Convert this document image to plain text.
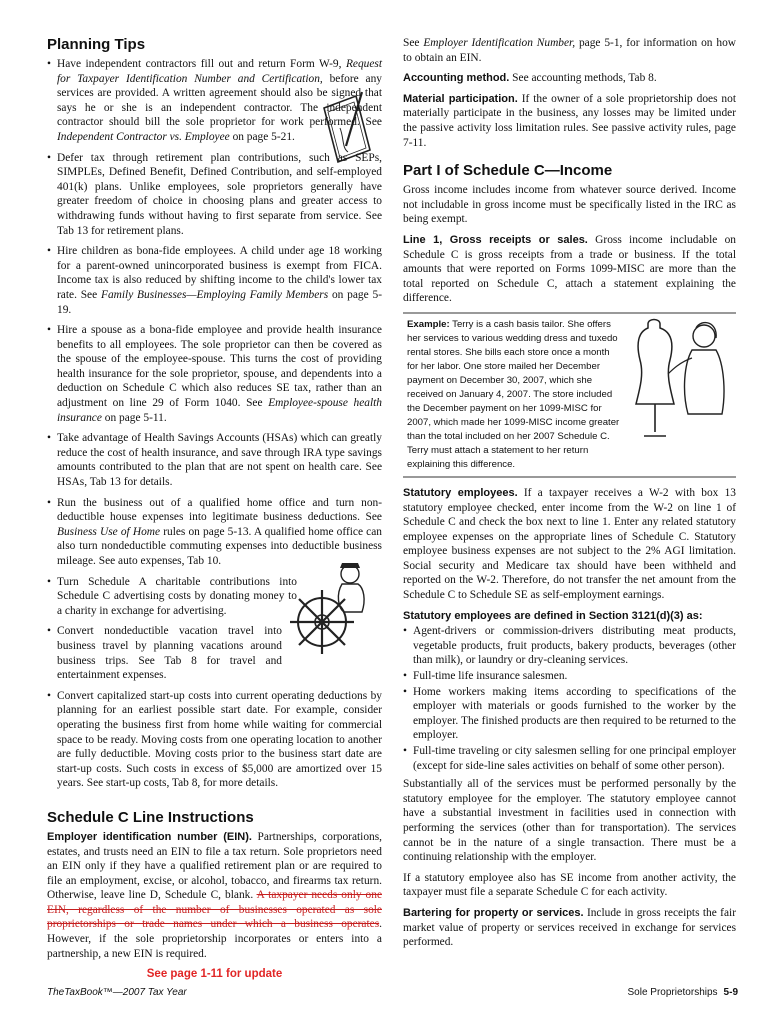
Planning Tips
• Have independent contractors fill out and return Form W-9, Request for Taxpayer Identification Number and Certification, before any services are provided. A written agreement should also be signed that says he or she is an independent contractor. The independent contractor should bill the sole proprietor for work performed. See Independent Contractor vs. Employee on page 5-21.
• Defer tax through retirement plan contributions, such as SEPs, SIMPLEs, Defined Benefit, Defined Contribution, and self-employed 401(k) plans. Unlike employees, sole proprietors generally have greater freedom of choice in choosing plans and greater access to withdrawing funds without having to first separate from service. See Tab 13 for retirement plans.
• Hire children as bona-fide employees. A child under age 18 working for a parent-owned unincorporated business is exempt from FICA. Income tax is also reduced by shifting income to the child's lower tax rate. See Family Businesses—Employing Family Members on page 5-19.
• Hire a spouse as a bona-fide employee and provide health insurance benefits to all employees. The sole proprietor can then be covered as the spouse of the employee-spouse. This turns the cost of providing health insurance for the sole proprietor, spouse, and dependents into a deduction on Schedule C which also reduces SE tax, rather than an adjustment on line 29 of Form 1040. See Employee-spouse health insurance on page 5-11.
• Take advantage of Health Savings Accounts (HSAs) which can greatly reduce the cost of health insurance, and save through IRA type savings amounts contributed to the plan that are not spent on health care. See HSAs, Tab 13 for details.
• Run the business out of a qualified home office and turn non-deductible house expenses into legitimate business deductions. See Business Use of Home rules on page 5-13. A qualified home office can also turn nondeductible commuting expenses into deductible business mileage. See auto expenses, Tab 10.
• Turn Schedule A charitable contributions into Schedule C advertising costs by donating money to a charity in exchange for advertising.
• Convert nondeductible vacation travel into business travel by planning vacations around business trips. See Tab 8 for travel and entertainment expenses.
• Convert capitalized start-up costs into current operating deductions by planning for an earliest possible start date. For example, consider operating the business first from home while waiting for commercial space to be ready. Moving costs from one operating location to another are fully deductible. Moving costs prior to the business start date are start-up costs. Such costs in excess of $5,000 are amortized over 15 years. See start-up costs, Tab 8, for more details.
Schedule C Line Instructions

Employer identification number (EIN). Partnerships, corporations, estates, and trusts need an EIN to file a tax return. Sole proprietors need an EIN only if they have a qualified retirement plan or are required to file an employment, excise, or alcohol, tobacco, and firearms tax return. Otherwise, leave line D, Schedule C, blank. A taxpayer needs only one EIN, regardless of the number of businesses operated as sole proprietorships or trade names under which a business operates. However, if the sole proprietorship incorporates or enters into a partnership, a new EIN is required.

See page 1-11 for update

See Employer Identification Number, page 5-1, for information on how to obtain an EIN.

Accounting method. See accounting methods, Tab 8.

Material participation. If the owner of a sole proprietorship does not materially participate in the business, any losses may be limited under the passive activity loss limitation rules. See passive activity rules, page 7-11.

Part I of Schedule C—Income

Gross income includes income from whatever source derived. Income not includable in gross income must be specifically listed in the IRC as being exempt.

Line 1, Gross receipts or sales. Gross income includable on Schedule C is gross receipts from a trade or business. If the total amounts that were reported on Forms 1099-MISC are more than the total reported on Schedule C, attach a statement explaining the difference.

Example: Terry is a cash basis tailor. She offers her services to various wedding dress and tuxedo rental stores. She bills each store once a month for her labor. One store mailed her December payment on December 30, 2007, which she received on January 4, 2007. The store included the December payment on her 1099-MISC for 2007, which made her 1099-MISC income greater than the total included on her 2007 Schedule C. Terry must attach a statement to her return explaining this difference.

Statutory employees. If a taxpayer receives a W-2 with box 13 statutory employee checked, enter income from the W-2 on line 1 of Schedule C and check the box next to line 1. Enter any related statutory employee expenses on the appropriate lines of Schedule C. Statutory employee business expenses are not subject to the 2% AGI limitation. Social security and Medicare tax should have been withheld and reported on the W-2. Therefore, do not transfer the net amount from the Schedule C to Schedule SE as self-employment earnings.

Statutory employees are defined in Section 3121(d)(3) as:

• Agent-drivers or commission-drivers distributing meat products, vegetable products, fruit products, bakery products, beverages (other than milk), or laundry or dry-cleaning services.
• Full-time life insurance salesmen.
• Home workers making items according to specifications of the employer with materials or goods furnished to the worker by the employer. The finished products are then required to be returned to the employer.
• Full-time traveling or city salesmen selling for one principal employer (except for side-line sales activities on behalf of some other person).

Substantially all of the services must be performed personally by the statutory employee for the employer. The statutory employee cannot have a substantial investment in facilities used in connection with performing the services (other than for transportation). The services cannot be in the nature of a single transaction. There must be a continuing relationship with the employer.

If a statutory employee also has SE income from another activity, the taxpayer must file a separate Schedule C for each activity.

Bartering for property or services. Include in gross receipts the fair market value of property or services received in exchange for services performed.

TheTaxBook™—2007 Tax Year	Sole Proprietorships 5-9
